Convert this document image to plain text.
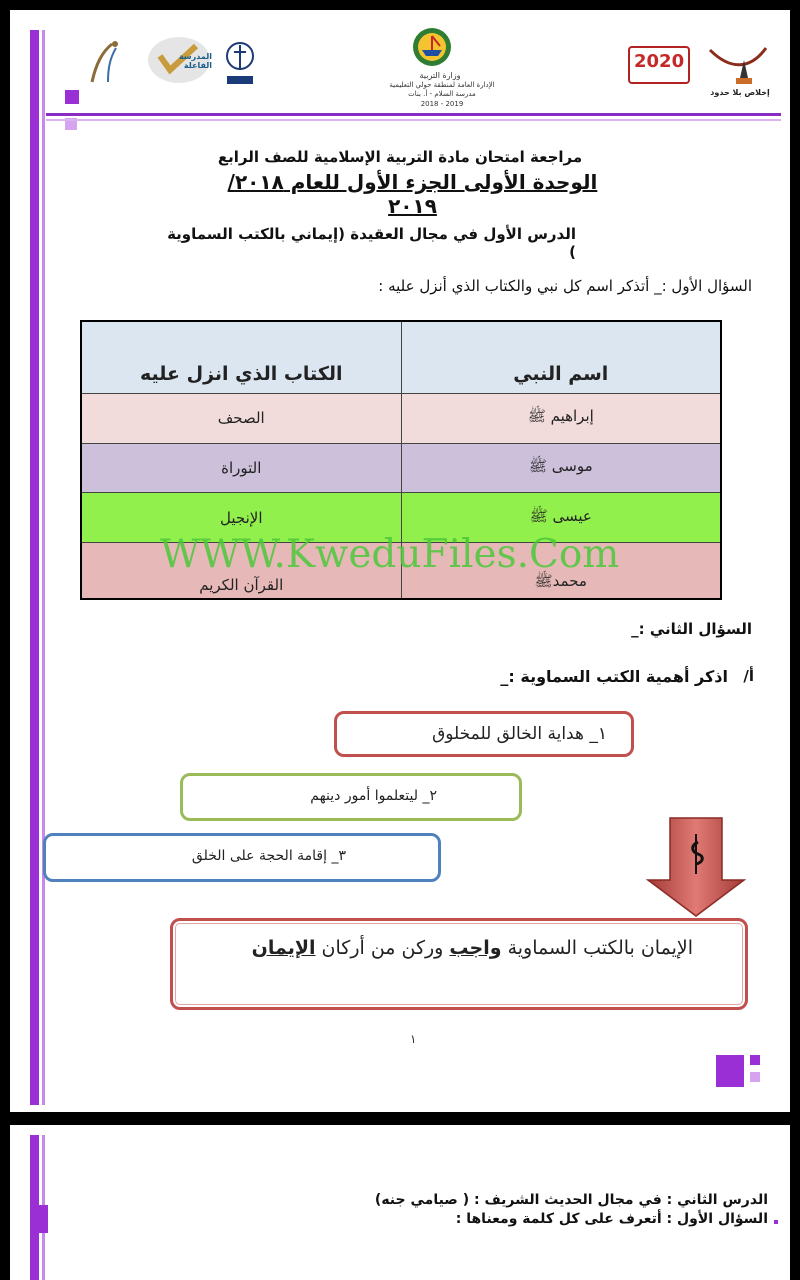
المدرسة الفاعلة
وزارة التربية
الإدارة العامة لمنطقة حولي التعليمية
مدرسة السلام - أ. بنات
2018 - 2019
2020
إخلاص بلا حدود
مراجعة امتحان مادة التربية الإسلامية للصف الرابع
الوحدة الأولى الجزء الأول للعام ٢٠١٨/ ٢٠١٩
الدرس الأول في مجال العقيدة (إيماني بالكتب السماوية )
السؤال الأول :_ أتذكر اسم كل نبي والكتاب الذي أنزل عليه :
الكتاب الذي انزل عليه	اسم النبي
الصحف	إبراهيم ﷺ
التوراة	موسى ﷺ
الإنجيل	عيسى ﷺ
القرآن الكريم	محمدﷺ
WWW.KweduFiles.Com
السؤال الثاني :_
أ/
اذكر أهمية الكتب السماوية :_
١_ هداية الخالق للمخلوق
٢_ ليتعلموا أمور دينهم
٣_ إقامة الحجة على الخلق
الإيمان بالكتب السماوية واجب وركن من أركان الإيمان
١
الدرس الثاني : في مجال الحديث الشريف : ( صيامي جنه)
السؤال الأول : أتعرف على كل كلمة ومعناها :
